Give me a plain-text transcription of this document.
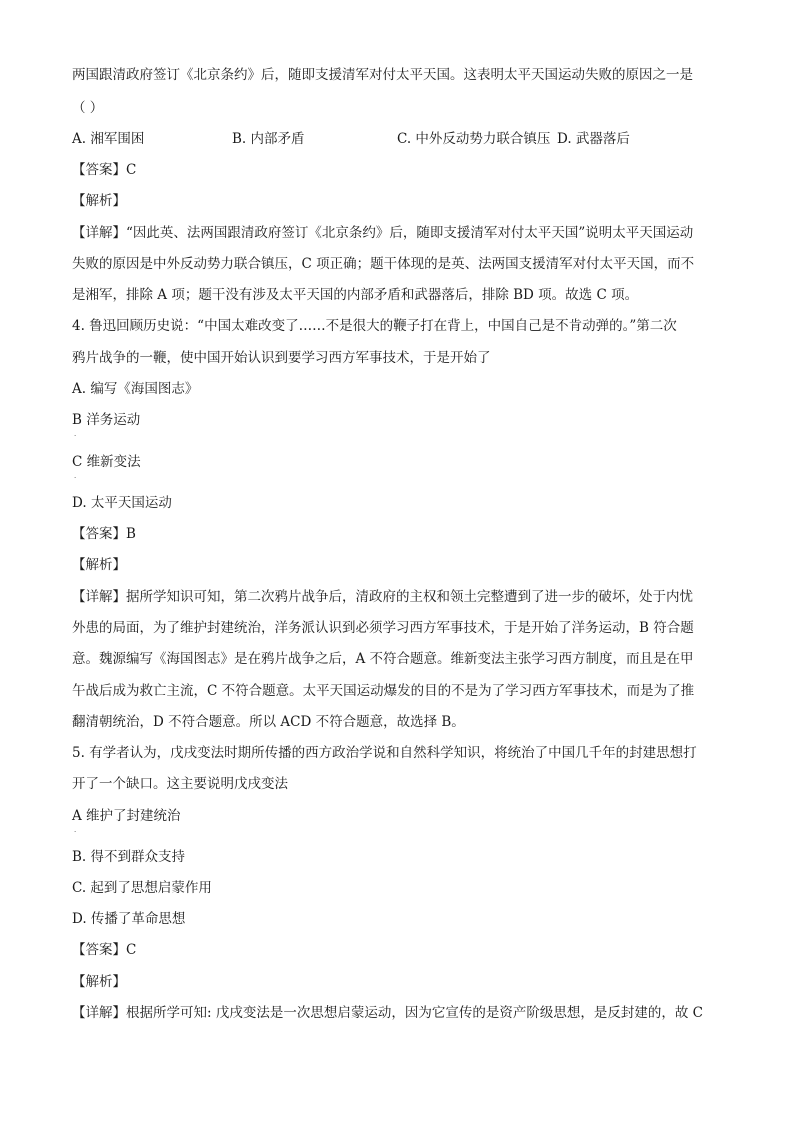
两国跟清政府签订《北京条约》后，随即支援清军对付太平天国。这表明太平天国运动失败的原因之一是
（ ）
A. 湘军围困	B. 内部矛盾	C. 中外反动势力联合镇压 D. 武器落后
【答案】C
【解析】
【详解】“因此英、法两国跟清政府签订《北京条约》后，随即支援清军对付太平天国”说明太平天国运动
失败的原因是中外反动势力联合镇压，C 项正确；题干体现的是英、法两国支援清军对付太平天国，而不
是湘军，排除 A 项；题干没有涉及太平天国的内部矛盾和武器落后，排除 BD 项。故选 C 项。
4. 鲁迅回顾历史说：“中国太难改变了……不是很大的鞭子打在背上，中国自己是不肯动弹的。”第二次
鸦片战争的一鞭，使中国开始认识到要学习西方军事技术，于是开始了
A. 编写《海国图志》
B 洋务运动
.
C 维新变法
.
D. 太平天国运动
【答案】B
【解析】
【详解】据所学知识可知，第二次鸦片战争后，清政府的主权和领土完整遭到了进一步的破坏，处于内忧
外患的局面，为了维护封建统治，洋务派认识到必须学习西方军事技术，于是开始了洋务运动，B 符合题
意。魏源编写《海国图志》是在鸦片战争之后，A 不符合题意。维新变法主张学习西方制度，而且是在甲
午战后成为救亡主流，C 不符合题意。太平天国运动爆发的目的不是为了学习西方军事技术，而是为了推
翻清朝统治，D 不符合题意。所以 ACD 不符合题意，故选择 B。
5. 有学者认为，戊戌变法时期所传播的西方政治学说和自然科学知识，将统治了中国几千年的封建思想打
开了一个缺口。这主要说明戊戌变法
A 维护了封建统治
.
B. 得不到群众支持
C. 起到了思想启蒙作用
D. 传播了革命思想
【答案】C
【解析】
【详解】根据所学可知: 戊戌变法是一次思想启蒙运动，因为它宣传的是资产阶级思想，是反封建的，故 C
